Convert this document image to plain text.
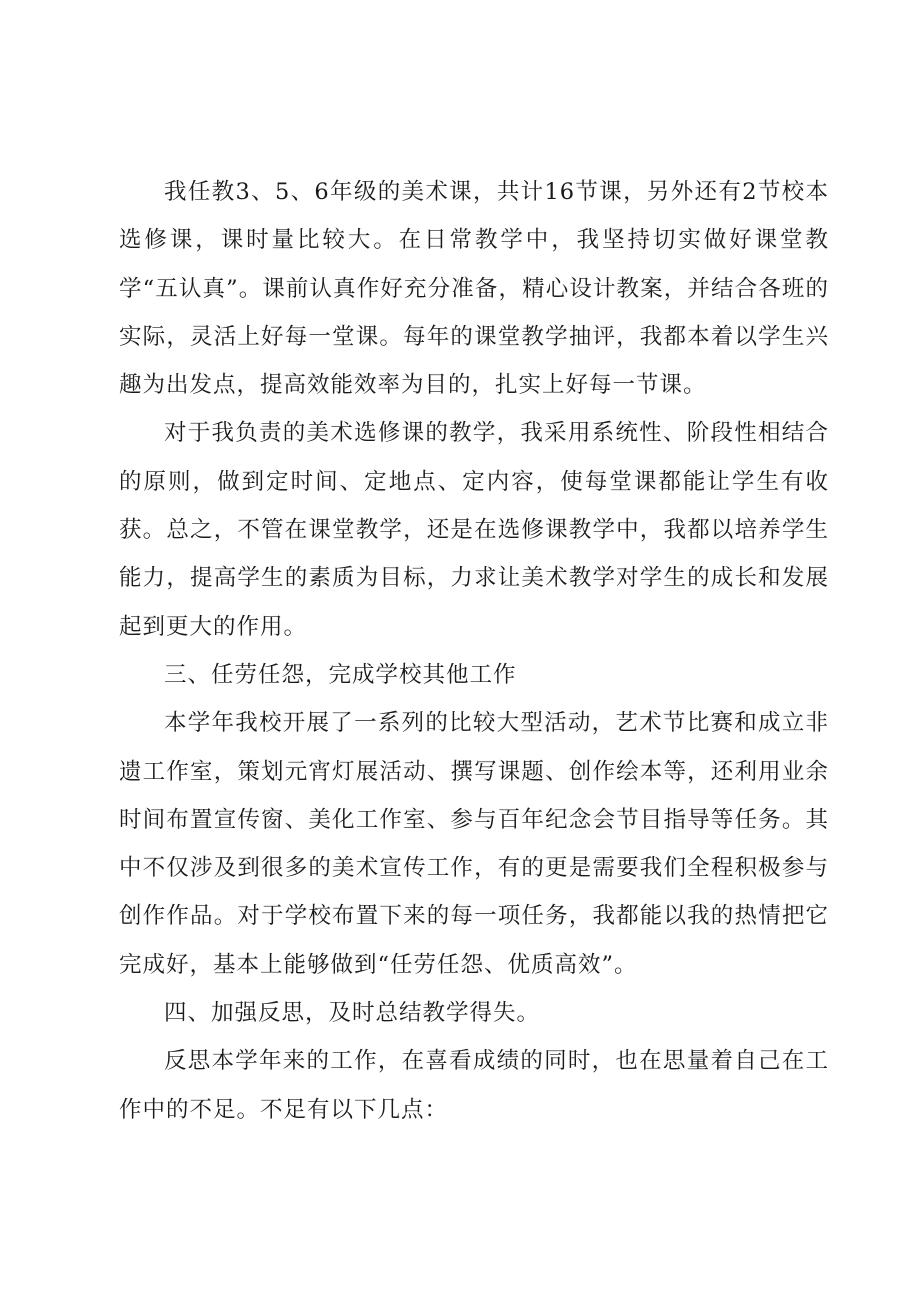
我任教3、5、6年级的美术课，共计16节课，另外还有2节校本选修课，课时量比较大。在日常教学中，我坚持切实做好课堂教学“五认真”。课前认真作好充分准备，精心设计教案，并结合各班的实际，灵活上好每一堂课。每年的课堂教学抽评，我都本着以学生兴趣为出发点，提高效能效率为目的，扎实上好每一节课。

对于我负责的美术选修课的教学，我采用系统性、阶段性相结合的原则，做到定时间、定地点、定内容，使每堂课都能让学生有收获。总之，不管在课堂教学，还是在选修课教学中，我都以培养学生能力，提高学生的素质为目标，力求让美术教学对学生的成长和发展起到更大的作用。

三、任劳任怨，完成学校其他工作

本学年我校开展了一系列的比较大型活动，艺术节比赛和成立非遗工作室，策划元宵灯展活动、撰写课题、创作绘本等，还利用业余时间布置宣传窗、美化工作室、参与百年纪念会节目指导等任务。其中不仅涉及到很多的美术宣传工作，有的更是需要我们全程积极参与创作作品。对于学校布置下来的每一项任务，我都能以我的热情把它完成好，基本上能够做到“任劳任怨、优质高效”。

四、加强反思，及时总结教学得失。

反思本学年来的工作，在喜看成绩的同时，也在思量着自己在工作中的不足。不足有以下几点：
